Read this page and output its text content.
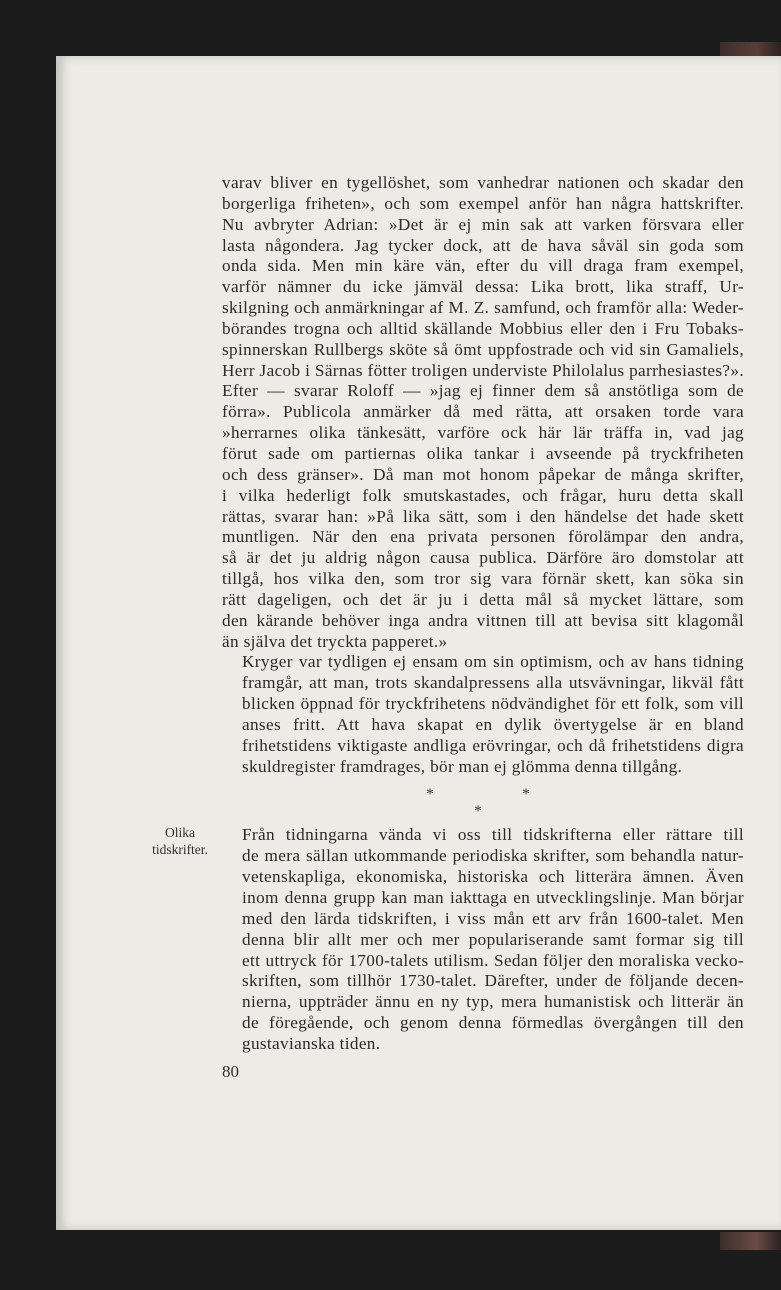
varav bliver en tygellöshet, som vanhedrar nationen och skadar den
borgerliga friheten», och som exempel anför han några hattskrifter.
Nu avbryter Adrian: »Det är ej min sak att varken försvara eller
lasta någondera. Jag tycker dock, att de hava såväl sin goda som
onda sida. Men min käre vän, efter du vill draga fram exempel,
varför nämner du icke jämväl dessa: Lika brott, lika straff, Ur-
skilgning och anmärkningar af M. Z. samfund, och framför alla: Weder-
börandes trogna och alltid skällande Mobbius eller den i Fru Tobaks-
spinnerskan Rullbergs sköte så ömt uppfostrade och vid sin Gamaliels,
Herr Jacob i Särnas fötter troligen underviste Philolalus parrhesiastes?».
Efter — svarar Roloff — »jag ej finner dem så anstötliga som de
förra». Publicola anmärker då med rätta, att orsaken torde vara
»herrarnes olika tänkesätt, varföre ock här lär träffa in, vad jag
förut sade om partiernas olika tankar i avseende på tryckfriheten
och dess gränser». Då man mot honom påpekar de många skrifter,
i vilka hederligt folk smutskastades, och frågar, huru detta skall
rättas, svarar han: »På lika sätt, som i den händelse det hade skett
muntligen. När den ena privata personen förolämpar den andra,
så är det ju aldrig någon causa publica. Därföre äro domstolar att
tillgå, hos vilka den, som tror sig vara förnär skett, kan söka sin
rätt dageligen, och det är ju i detta mål så mycket lättare, som
den kärande behöver inga andra vittnen till att bevisa sitt klagomål
än själva det tryckta papperet.»

Kryger var tydligen ej ensam om sin optimism, och av hans tidning
framgår, att man, trots skandalpressens alla utsvävningar, likväl fått
blicken öppnad för tryckfrihetens nödvändighet för ett folk, som vill
anses fritt. Att hava skapat en dylik övertygelse är en bland
frihetstidens viktigaste andliga erövringar, och då frihetstidens digra
skuldregister framdrages, bör man ej glömma denna tillgång.

*	*
*

Från tidningarna vända vi oss till tidskrifterna eller rättare till
de mera sällan utkommande periodiska skrifter, som behandla natur-
vetenskapliga, ekonomiska, historiska och litterära ämnen. Även
inom denna grupp kan man iakttaga en utvecklingslinje. Man börjar
med den lärda tidskriften, i viss mån ett arv från 1600-talet. Men
denna blir allt mer och mer populariserande samt formar sig till
ett uttryck för 1700-talets utilism. Sedan följer den moraliska vecko-
skriften, som tillhör 1730-talet. Därefter, under de följande decen-
nierna, uppträder ännu en ny typ, mera humanistisk och litterär än
de föregående, och genom denna förmedlas övergången till den
gustavianska tiden.

Olika
tidskrifter.
80
